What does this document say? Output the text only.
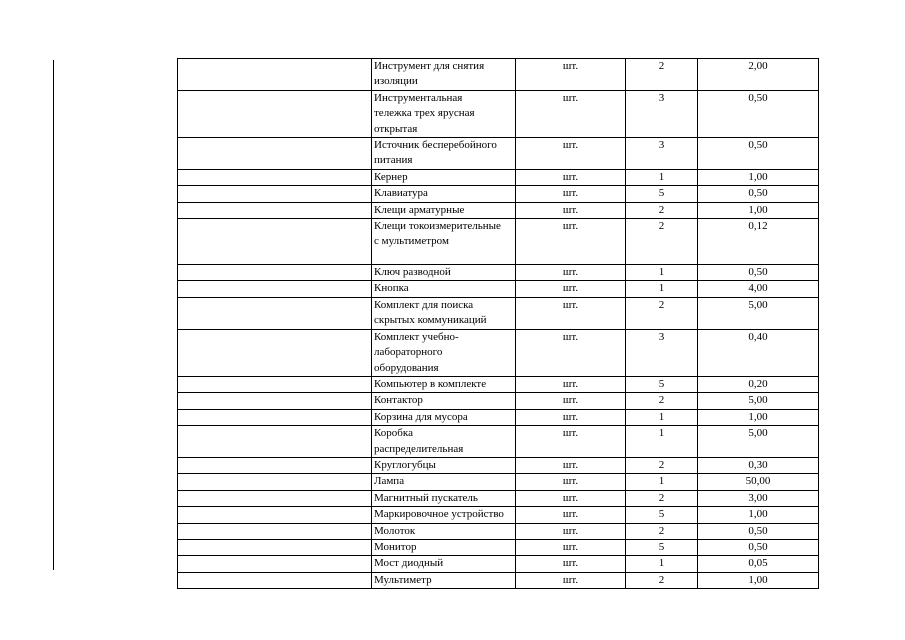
	Инструмент для снятия
изоляции	шт.	2	2,00
	Инструментальная
тележка трех ярусная
открытая	шт.	3	0,50
	Источник бесперебойного
питания	шт.	3	0,50
	Кернер	шт.	1	1,00
	Клавиатура	шт.	5	0,50
	Клещи арматурные	шт.	2	1,00
	Клещи токоизмерительные
с мультиметром	шт.	2	0,12
	Ключ разводной	шт.	1	0,50
	Кнопка	шт.	1	4,00
	Комплект для поиска
скрытых коммуникаций	шт.	2	5,00
	Комплект учебно-
лабораторного
оборудования	шт.	3	0,40
	Компьютер в комплекте	шт.	5	0,20
	Контактор	шт.	2	5,00
	Корзина для мусора	шт.	1	1,00
	Коробка
распределительная	шт.	1	5,00
	Круглогубцы	шт.	2	0,30
	Лампа	шт.	1	50,00
	Магнитный пускатель	шт.	2	3,00
	Маркировочное устройство	шт.	5	1,00
	Молоток	шт.	2	0,50
	Монитор	шт.	5	0,50
	Мост диодный	шт.	1	0,05
	Мультиметр	шт.	2	1,00
